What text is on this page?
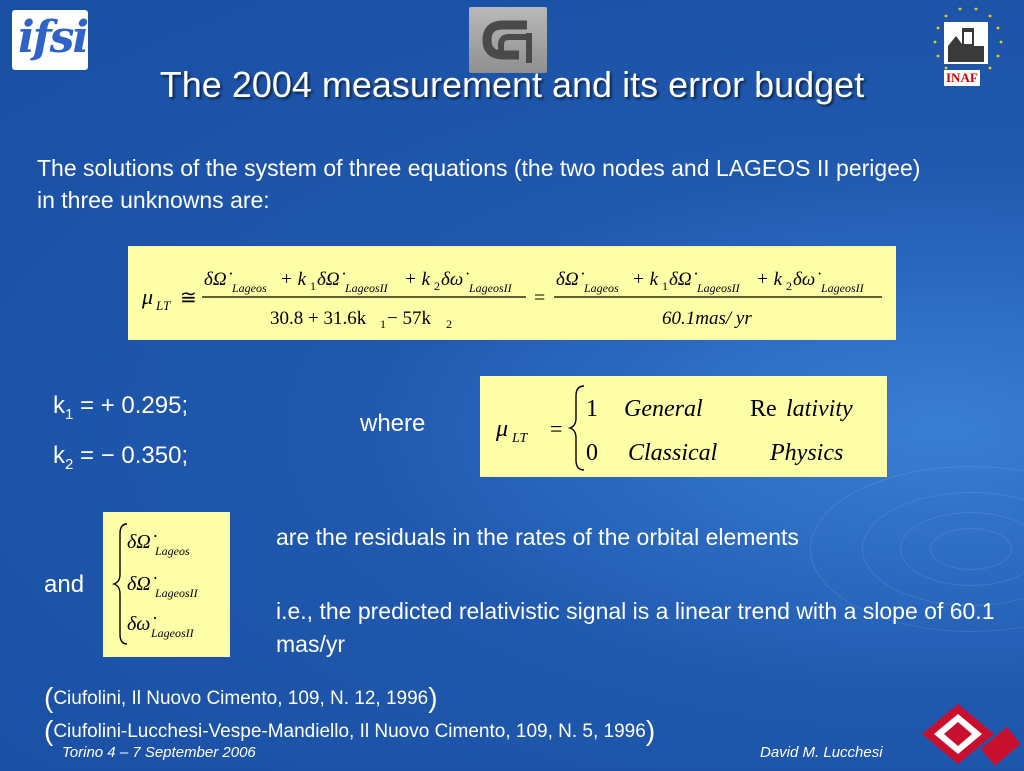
ifsi
INAF
The 2004 measurement and its error budget
The solutions of the system of three equations (the two nodes and LAGEOS II perigee) in three unknowns are:
μ LT ≅
δΩ̇ Lageos + k 1 δΩ̇ LageosII + k 2 δω̇ LageosII
30.8 + 31.6k 1 − 57k 2
=
δΩ̇ Lageos + k 1 δΩ̇ LageosII + k 2 δω̇ LageosII
60.1mas/ yr
$k_1$ = + 0.295;
$k_2$ = − 0.350;
where	μ LT =
1 General Re lativity
0 Classical Physics
and
δΩ̇ Lageos
δΩ̇ LageosII
δω̇ LageosII
are the residuals in the rates of the orbital elements
i.e., the predicted relativistic signal is a linear trend with a slope of 60.1 mas/yr
(Ciufolini, Il Nuovo Cimento, 109, N. 12, 1996)
(Ciufolini-Lucchesi-Vespe-Mandiello, Il Nuovo Cimento, 109, N. 5, 1996)
Torino 4 – 7 September 2006	David M. Lucchesi
